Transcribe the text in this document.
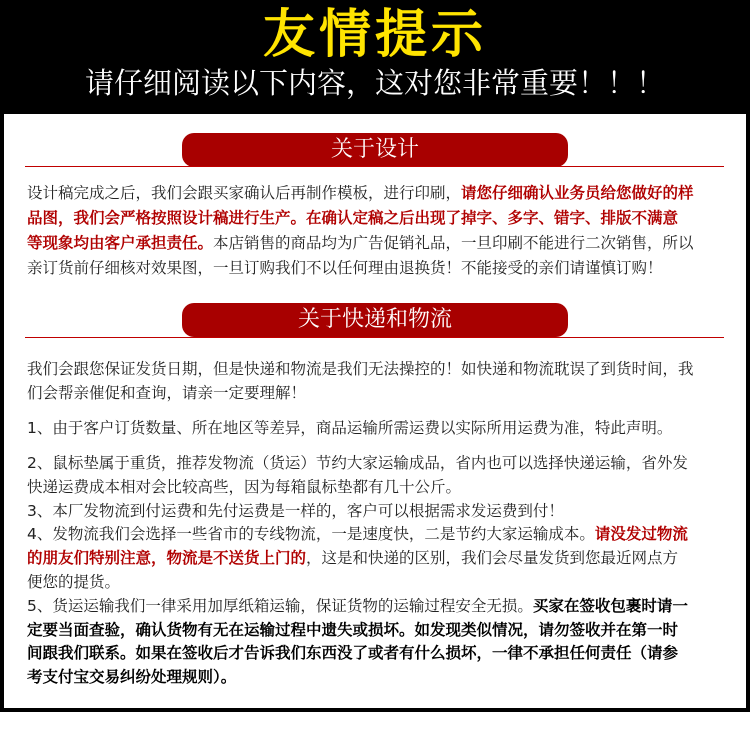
友情提示
请仔细阅读以下内容，这对您非常重要！！！
关于设计
关于快递和物流
设计稿完成之后，我们会跟买家确认后再制作模板，进行印刷，请您仔细确认业务员给您做好的样
品图，我们会严格按照设计稿进行生产。在确认定稿之后出现了掉字、多字、错字、排版不满意
等现象均由客户承担责任。本店销售的商品均为广告促销礼品，一旦印刷不能进行二次销售，所以
亲订货前仔细核对效果图，一旦订购我们不以任何理由退换货！不能接受的亲们请谨慎订购！
我们会跟您保证发货日期，但是快递和物流是我们无法操控的！如快递和物流耽误了到货时间，我
们会帮亲催促和查询，请亲一定要理解！
1、由于客户订货数量、所在地区等差异，商品运输所需运费以实际所用运费为准，特此声明。
2、鼠标垫属于重货，推荐发物流（货运）节约大家运输成品，省内也可以选择快递运输，省外发
快递运费成本相对会比较高些，因为每箱鼠标垫都有几十公斤。
3、本厂发物流到付运费和先付运费是一样的，客户可以根据需求发运费到付！
4、发物流我们会选择一些省市的专线物流，一是速度快，二是节约大家运输成本。请没发过物流
的朋友们特别注意，物流是不送货上门的，这是和快递的区别，我们会尽量发货到您最近网点方
便您的提货。
5、货运运输我们一律采用加厚纸箱运输，保证货物的运输过程安全无损。买家在签收包裹时请一
定要当面查验，确认货物有无在运输过程中遗失或损坏。如发现类似情况，请勿签收并在第一时
间跟我们联系。如果在签收后才告诉我们东西没了或者有什么损坏，一律不承担任何责任（请参
考支付宝交易纠纷处理规则）。
